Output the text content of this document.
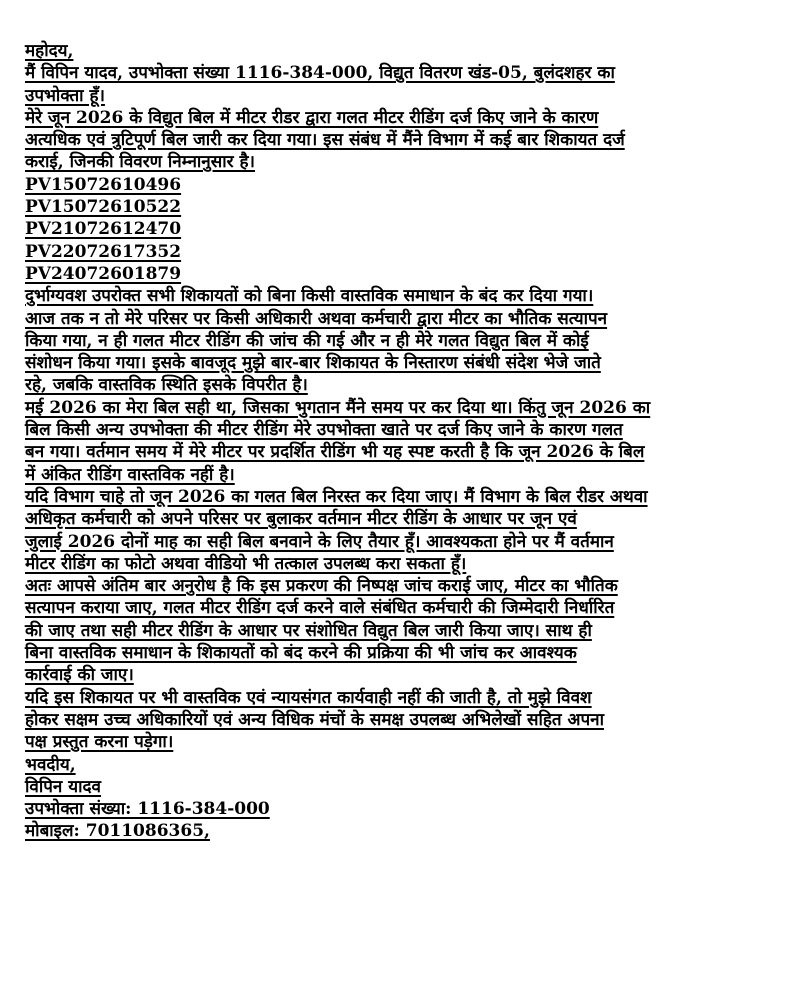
महोदय,
मैं विपिन यादव, उपभोक्ता संख्या 1116-384-000, विद्युत वितरण खंड-05, बुलंदशहर का
उपभोक्ता हूँ।
मेरे जून 2026 के विद्युत बिल में मीटर रीडर द्वारा गलत मीटर रीडिंग दर्ज किए जाने के कारण
अत्यधिक एवं त्रुटिपूर्ण बिल जारी कर दिया गया। इस संबंध में मैंने विभाग में कई बार शिकायत दर्ज
कराई, जिनकी विवरण निम्नानुसार है।
PV15072610496
PV15072610522
PV21072612470
PV22072617352
PV24072601879
दुर्भाग्यवश उपरोक्त सभी शिकायतों को बिना किसी वास्तविक समाधान के बंद कर दिया गया।
आज तक न तो मेरे परिसर पर किसी अधिकारी अथवा कर्मचारी द्वारा मीटर का भौतिक सत्यापन
किया गया, न ही गलत मीटर रीडिंग की जांच की गई और न ही मेरे गलत विद्युत बिल में कोई
संशोधन किया गया। इसके बावजूद मुझे बार-बार शिकायत के निस्तारण संबंधी संदेश भेजे जाते
रहे, जबकि वास्तविक स्थिति इसके विपरीत है।
मई 2026 का मेरा बिल सही था, जिसका भुगतान मैंने समय पर कर दिया था। किंतु जून 2026 का
बिल किसी अन्य उपभोक्ता की मीटर रीडिंग मेरे उपभोक्ता खाते पर दर्ज किए जाने के कारण गलत
बन गया। वर्तमान समय में मेरे मीटर पर प्रदर्शित रीडिंग भी यह स्पष्ट करती है कि जून 2026 के बिल
में अंकित रीडिंग वास्तविक नहीं है।
यदि विभाग चाहे तो जून 2026 का गलत बिल निरस्त कर दिया जाए। मैं विभाग के बिल रीडर अथवा
अधिकृत कर्मचारी को अपने परिसर पर बुलाकर वर्तमान मीटर रीडिंग के आधार पर जून एवं
जुलाई 2026 दोनों माह का सही बिल बनवाने के लिए तैयार हूँ। आवश्यकता होने पर मैं वर्तमान
मीटर रीडिंग का फोटो अथवा वीडियो भी तत्काल उपलब्ध करा सकता हूँ।
अतः आपसे अंतिम बार अनुरोध है कि इस प्रकरण की निष्पक्ष जांच कराई जाए, मीटर का भौतिक
सत्यापन कराया जाए, गलत मीटर रीडिंग दर्ज करने वाले संबंधित कर्मचारी की जिम्मेदारी निर्धारित
की जाए तथा सही मीटर रीडिंग के आधार पर संशोधित विद्युत बिल जारी किया जाए। साथ ही
बिना वास्तविक समाधान के शिकायतों को बंद करने की प्रक्रिया की भी जांच कर आवश्यक
कार्रवाई की जाए।
यदि इस शिकायत पर भी वास्तविक एवं न्यायसंगत कार्यवाही नहीं की जाती है, तो मुझे विवश
होकर सक्षम उच्च अधिकारियों एवं अन्य विधिक मंचों के समक्ष उपलब्ध अभिलेखों सहित अपना
पक्ष प्रस्तुत करना पड़ेगा।
भवदीय,
विपिन यादव
उपभोक्ता संख्या: 1116-384-000
मोबाइल: 7011086365,
